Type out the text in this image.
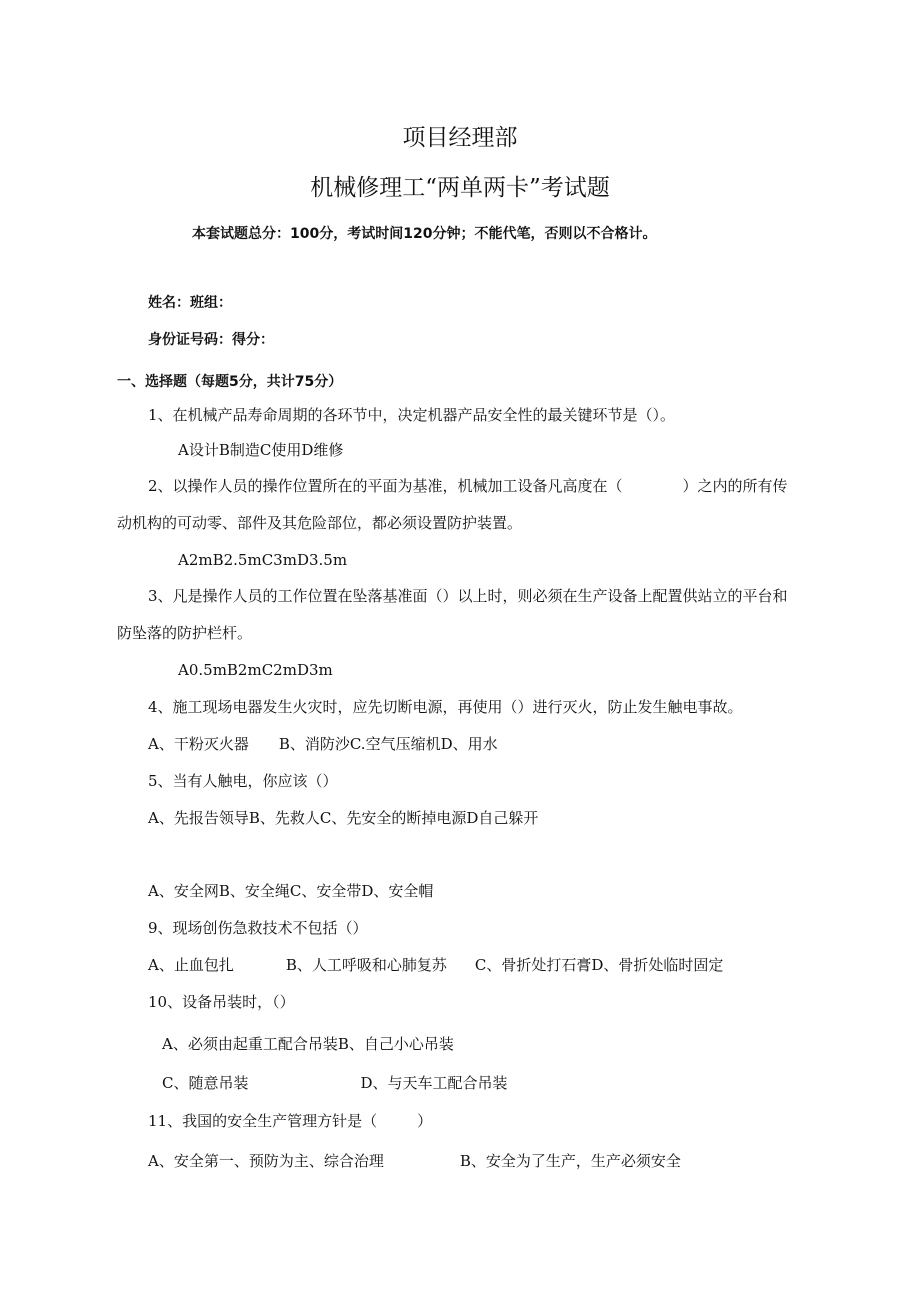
项目经理部
机械修理工“两单两卡”考试题
本套试题总分：100分，考试时间120分钟；不能代笔，否则以不合格计。
姓名：班组：
身份证号码：得分：
一、选择题（每题5分，共计75分）
1、在机械产品寿命周期的各环节中，决定机器产品安全性的最关键环节是（）。
A设计B制造C使用D维修
2、以操作人员的操作位置所在的平面为基准，机械加工设备凡高度在（	）之内的所有传
动机构的可动零、部件及其危险部位，都必须设置防护装置。
A2mB2.5mC3mD3.5m
3、凡是操作人员的工作位置在坠落基准面（）以上时，则必须在生产设备上配置供站立的平台和
防坠落的防护栏杆。
A0.5mB2mC2mD3m
4、施工现场电器发生火灾时，应先切断电源，再使用（）进行灭火，防止发生触电事故。
A、干粉灭火器 B、消防沙C.空气压缩机D、用水
5、当有人触电，你应该（）
A、先报告领导B、先救人C、先安全的断掉电源D自己躲开
A、安全网B、安全绳C、安全带D、安全帽
9、现场创伤急救技术不包括（）
A、止血包扎	B、人工呼吸和心肺复苏 C、骨折处打石膏D、骨折处临时固定
10、设备吊装时，（）
A、必须由起重工配合吊装B、自己小心吊装
C、随意吊装	D、与天车工配合吊装
11、我国的安全生产管理方针是（	）
A、安全第一、预防为主、综合治理	B、安全为了生产，生产必须安全
